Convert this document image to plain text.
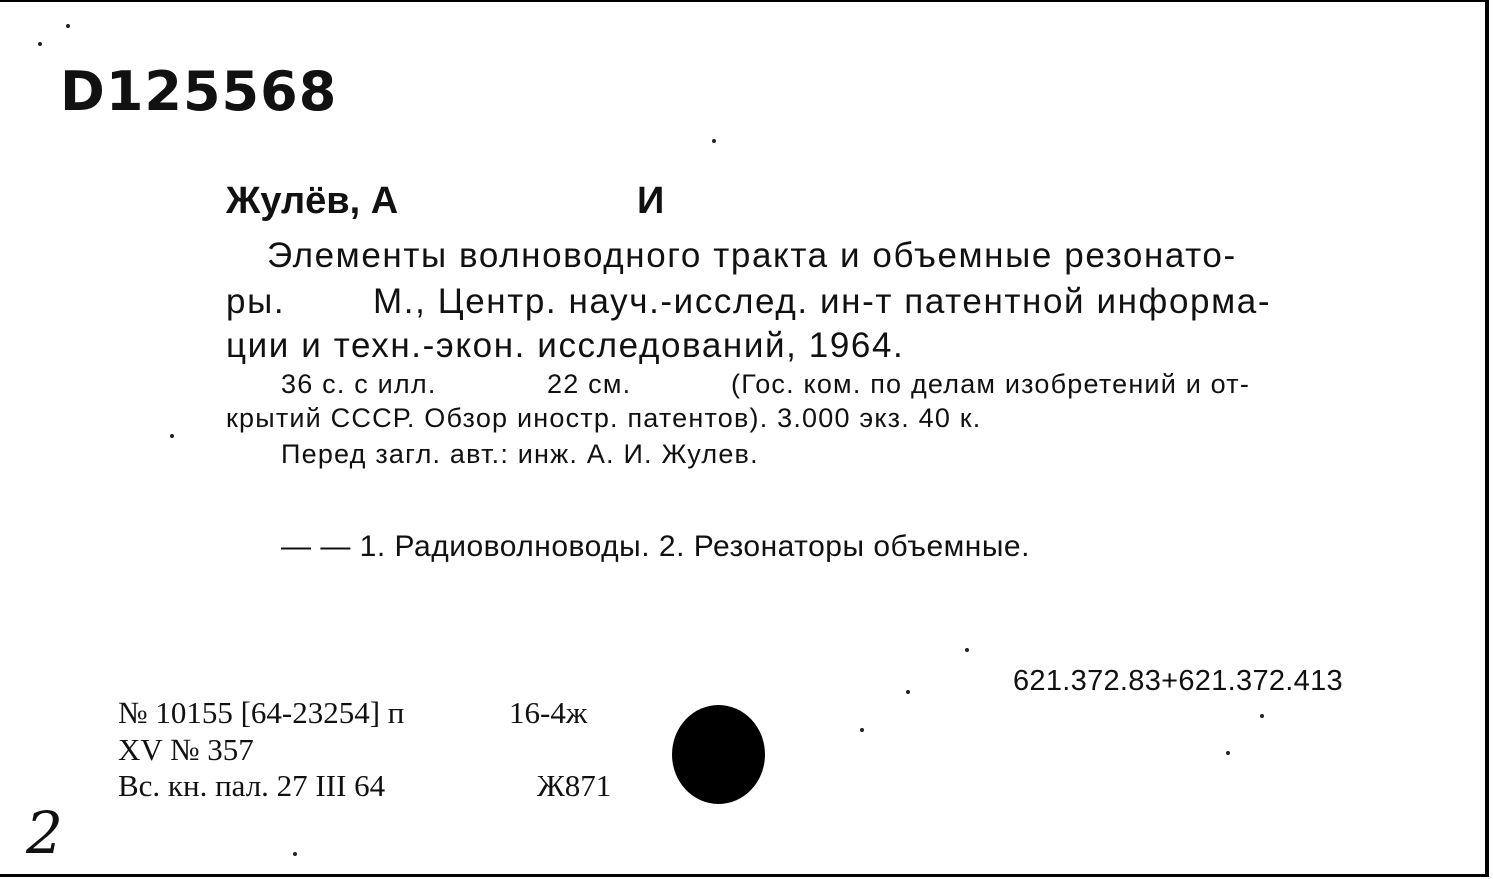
D125568
Жулёв, А	И
Элементы волноводного тракта и объемные резонато-
ры.	М., Центр. науч.-исслед. ин-т патентной информа-
ции и техн.-экон. исследований, 1964.
36 с. с илл.	22 см.	(Гос. ком. по делам изобретений и от-
крытий СССР. Обзор иностр. патентов). 3.000 экз. 40 к.
Перед загл. авт.: инж. А. И. Жулев.
— — 1. Радиоволноводы. 2. Резонаторы объемные.
621.372.83+621.372.413
№ 10155 [64-23254] п	16-4ж
XV № 357
Вс. кн. пал. 27 III 64	Ж871
2
